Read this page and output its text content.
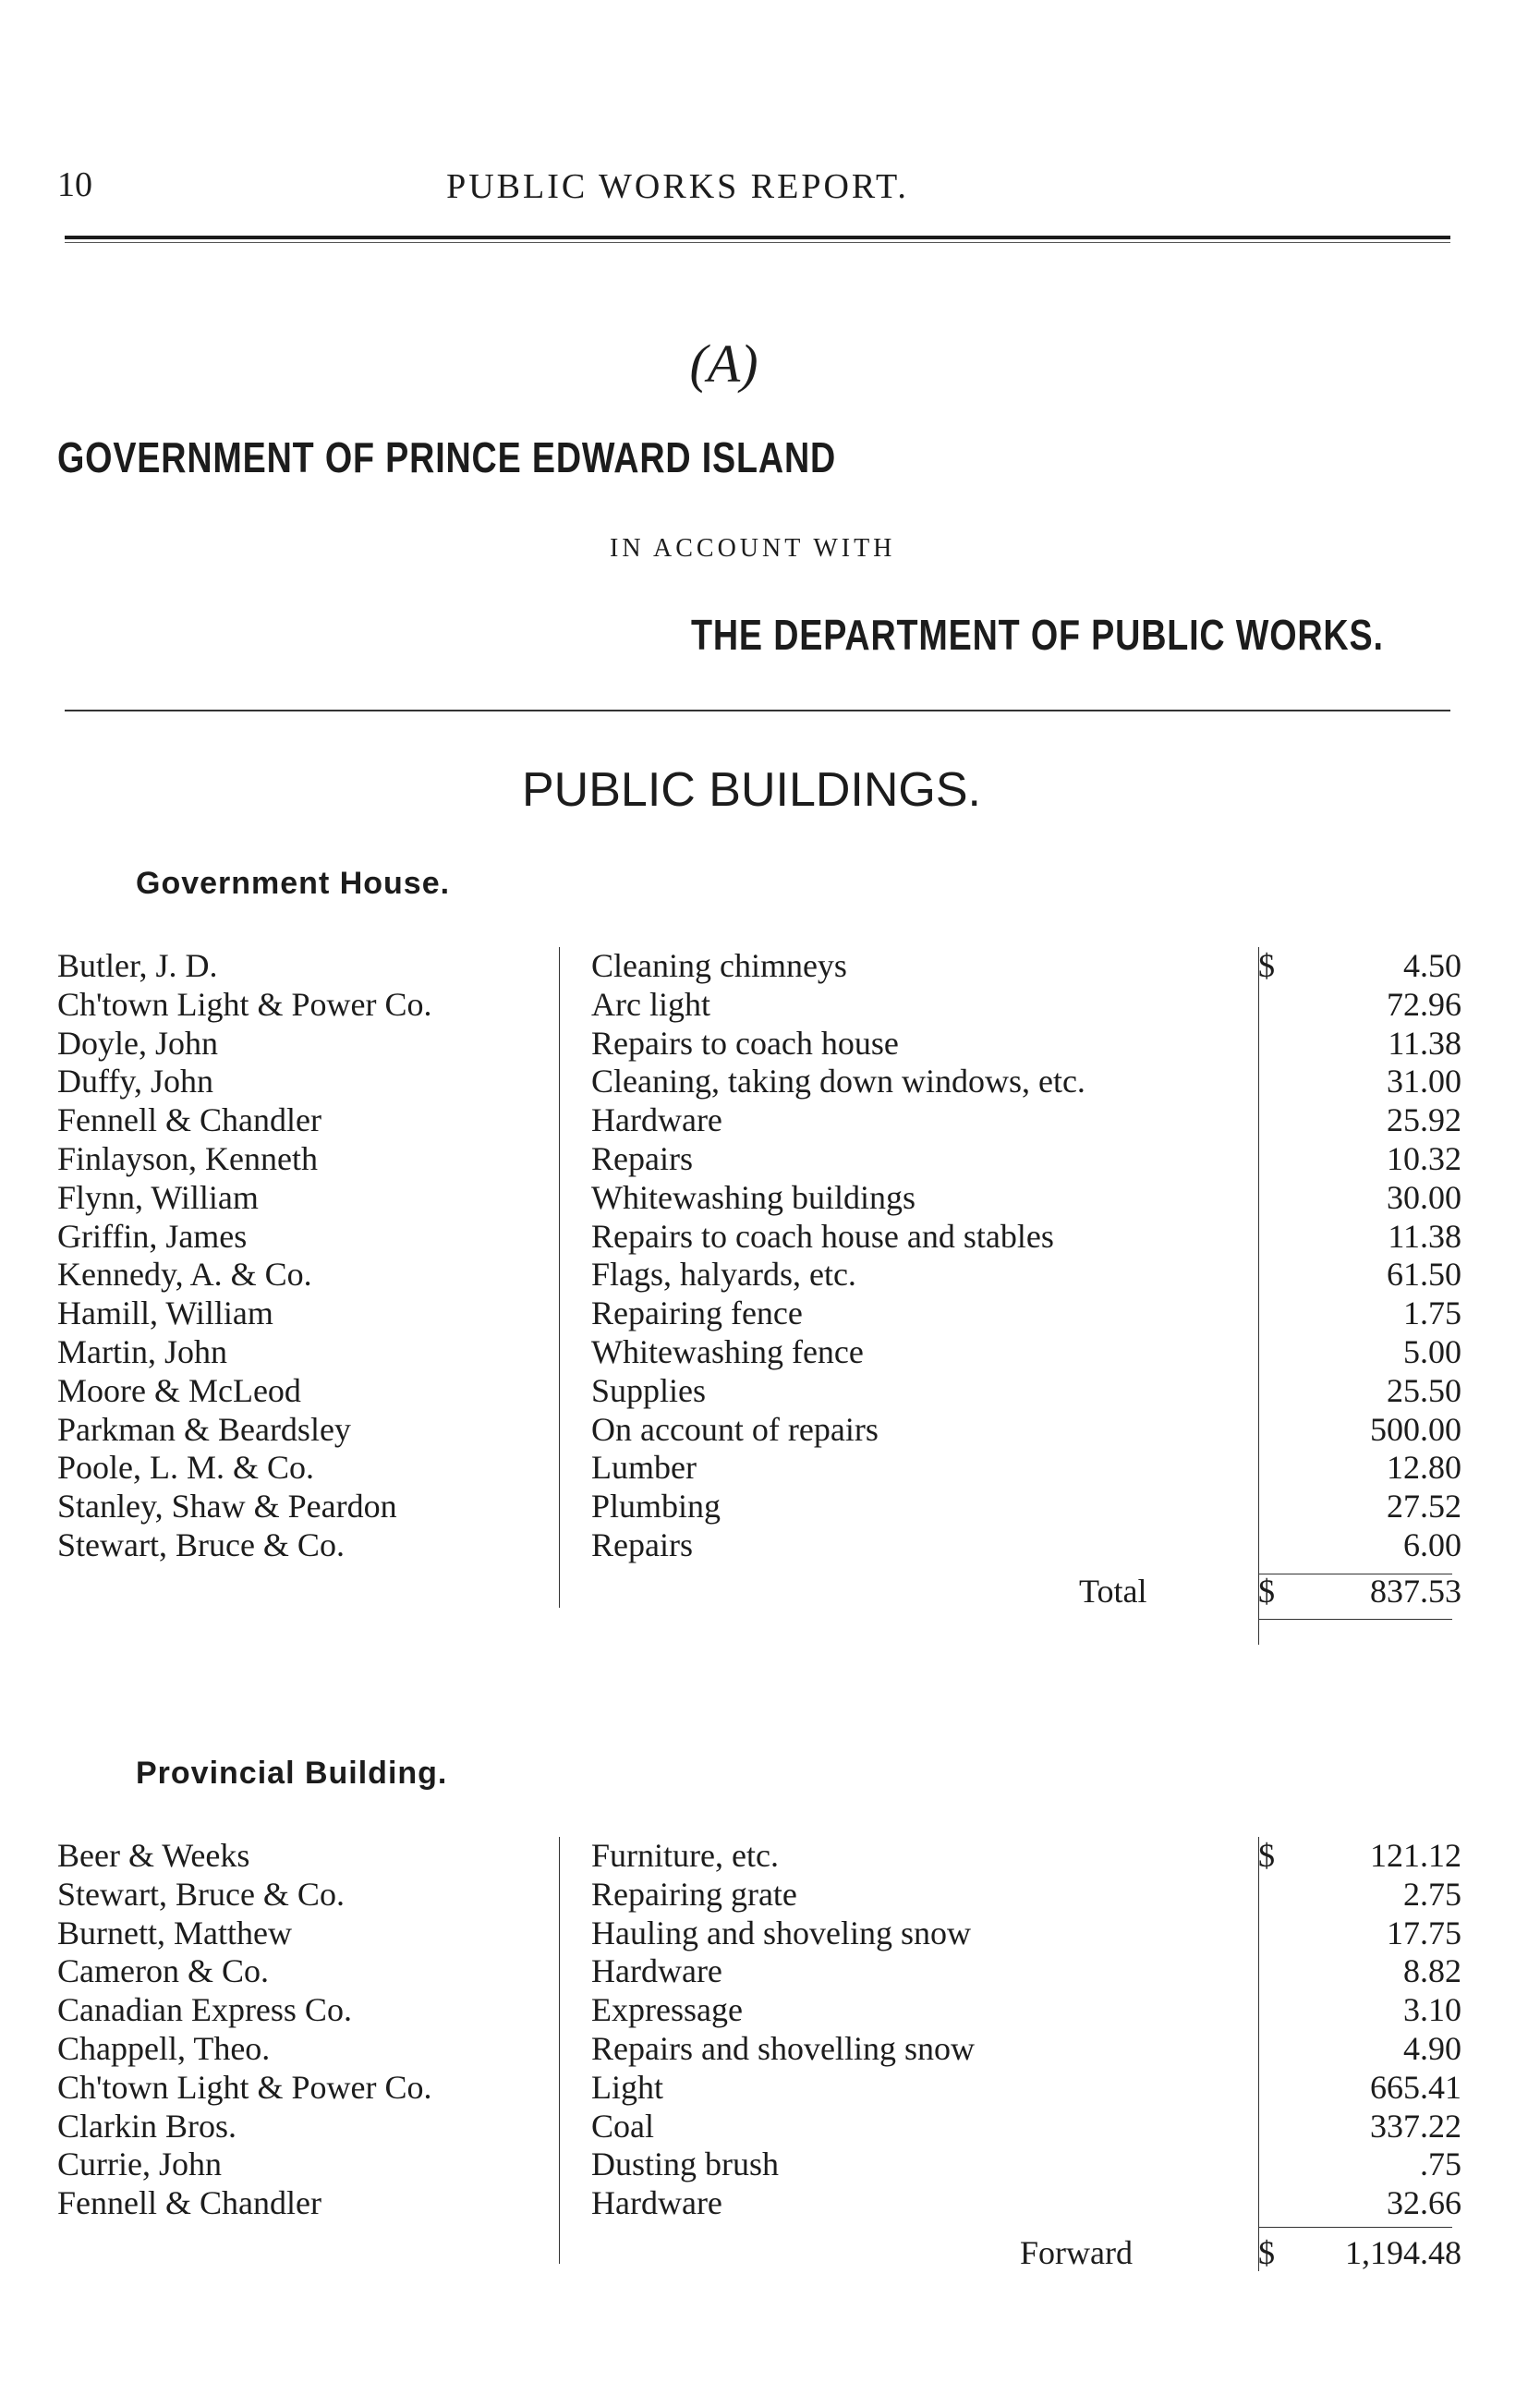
10	PUBLIC WORKS REPORT.
(A)
GOVERNMENT OF PRINCE EDWARD ISLAND
IN ACCOUNT WITH
THE DEPARTMENT OF PUBLIC WORKS.
PUBLIC BUILDINGS.
Government House.
Butler, J. D.	Cleaning chimneys	4.50
$
Ch'town Light & Power Co.	Arc light	72.96
Doyle, John	Repairs to coach house	11.38
Duffy, John	Cleaning, taking down windows, etc.	31.00
Fennell & Chandler	Hardware	25.92
Finlayson, Kenneth	Repairs	10.32
Flynn, William	Whitewashing buildings	30.00
Griffin, James	Repairs to coach house and stables	11.38
Kennedy, A. & Co.	Flags, halyards, etc.	61.50
Hamill, William	Repairing fence	1.75
Martin, John	Whitewashing fence	5.00
Moore & McLeod	Supplies	25.50
Parkman & Beardsley	On account of repairs	500.00
Poole, L. M. & Co.	Lumber	12.80
Stanley, Shaw & Peardon	Plumbing	27.52
Stewart, Bruce & Co.	Repairs	6.00
Total	$	837.53
Provincial Building.
Beer & Weeks	Furniture, etc.	121.12
$
Stewart, Bruce & Co.	Repairing grate	2.75
Burnett, Matthew	Hauling and shoveling snow	17.75
Cameron & Co.	Hardware	8.82
Canadian Express Co.	Expressage	3.10
Chappell, Theo.	Repairs and shovelling snow	4.90
Ch'town Light & Power Co.	Light	665.41
Clarkin Bros.	Coal	337.22
Currie, John	Dusting brush	.75
Fennell & Chandler	Hardware	32.66
Forward	$	1,194.48
